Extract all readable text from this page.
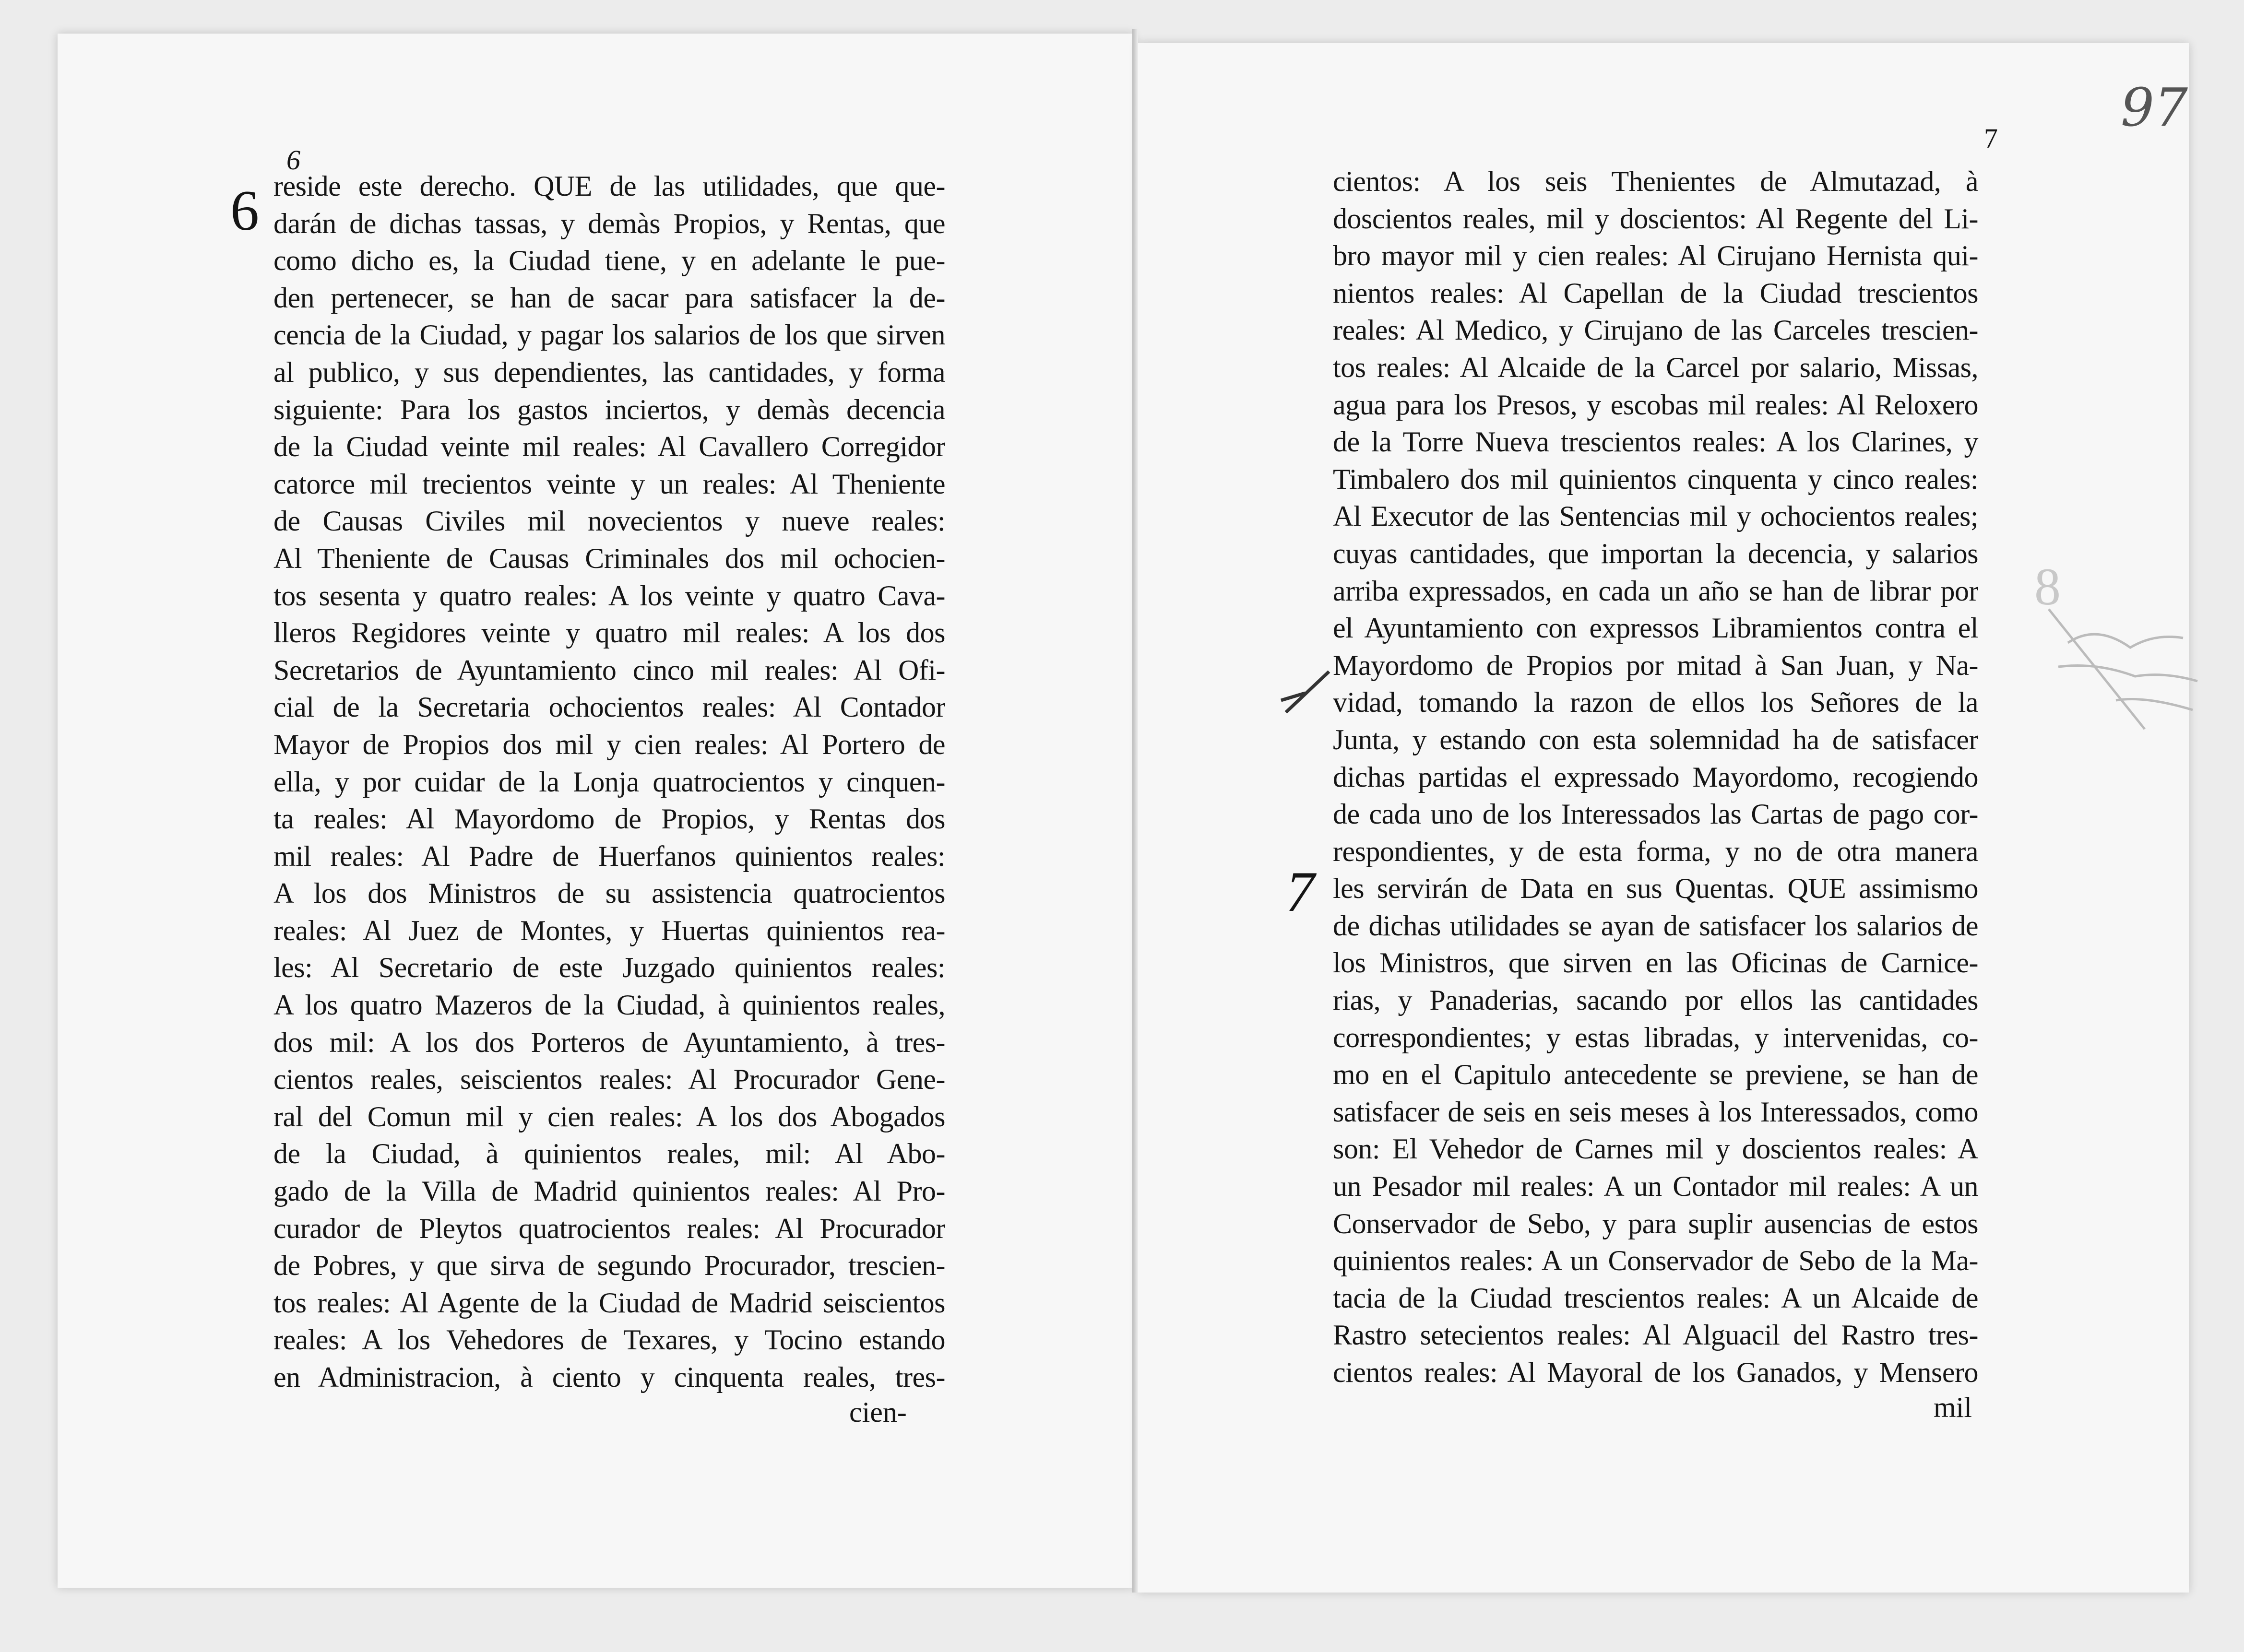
6
6 reside este derecho. QUE de las utilidades, que que-
darán de dichas tassas, y demàs Propios, y Rentas, que
como dicho es, la Ciudad tiene, y en adelante le pue-
den pertenecer, se han de sacar para satisfacer la de-
cencia de la Ciudad, y pagar los salarios de los que sirven
al publico, y sus dependientes, las cantidades, y forma
siguiente: Para los gastos inciertos, y demàs decencia
de la Ciudad veinte mil reales: Al Cavallero Corregidor
catorce mil trecientos veinte y un reales: Al Theniente
de Causas Civiles mil novecientos y nueve reales:
Al Theniente de Causas Criminales dos mil ochocien-
tos sesenta y quatro reales: A los veinte y quatro Cava-
lleros Regidores veinte y quatro mil reales: A los dos
Secretarios de Ayuntamiento cinco mil reales: Al Ofi-
cial de la Secretaria ochocientos reales: Al Contador
Mayor de Propios dos mil y cien reales: Al Portero de
ella, y por cuidar de la Lonja quatrocientos y cinquen-
ta reales: Al Mayordomo de Propios, y Rentas dos
mil reales: Al Padre de Huerfanos quinientos reales:
A los dos Ministros de su assistencia quatrocientos
reales: Al Juez de Montes, y Huertas quinientos rea-
les: Al Secretario de este Juzgado quinientos reales:
A los quatro Mazeros de la Ciudad, à quinientos reales,
dos mil: A los dos Porteros de Ayuntamiento, à tres-
cientos reales, seiscientos reales: Al Procurador Gene-
ral del Comun mil y cien reales: A los dos Abogados
de la Ciudad, à quinientos reales, mil: Al Abo-
gado de la Villa de Madrid quinientos reales: Al Pro-
curador de Pleytos quatrocientos reales: Al Procurador
de Pobres, y que sirva de segundo Procurador, trescien-
tos reales: Al Agente de la Ciudad de Madrid seiscientos
reales: A los Vehedores de Texares, y Tocino estando
en Administracion, à ciento y cinquenta reales, tres-
cien-
7
97
8
7
cientos: A los seis Thenientes de Almutazad, à
doscientos reales, mil y doscientos: Al Regente del Li-
bro mayor mil y cien reales: Al Cirujano Hernista qui-
nientos reales: Al Capellan de la Ciudad trescientos
reales: Al Medico, y Cirujano de las Carceles trescien-
tos reales: Al Alcaide de la Carcel por salario, Missas,
agua para los Presos, y escobas mil reales: Al Reloxero
de la Torre Nueva trescientos reales: A los Clarines, y
Timbalero dos mil quinientos cinquenta y cinco reales:
Al Executor de las Sentencias mil y ochocientos reales;
cuyas cantidades, que importan la decencia, y salarios
arriba expressados, en cada un año se han de librar por
el Ayuntamiento con expressos Libramientos contra el
Mayordomo de Propios por mitad à San Juan, y Na-
vidad, tomando la razon de ellos los Señores de la
Junta, y estando con esta solemnidad ha de satisfacer
dichas partidas el expressado Mayordomo, recogiendo
de cada uno de los Interessados las Cartas de pago cor-
respondientes, y de esta forma, y no de otra manera
les servirán de Data en sus Quentas. QUE assimismo
de dichas utilidades se ayan de satisfacer los salarios de
los Ministros, que sirven en las Oficinas de Carnice-
rias, y Panaderias, sacando por ellos las cantidades
correspondientes; y estas libradas, y intervenidas, co-
mo en el Capitulo antecedente se previene, se han de
satisfacer de seis en seis meses à los Interessados, como
son: El Vehedor de Carnes mil y doscientos reales: A
un Pesador mil reales: A un Contador mil reales: A un
Conservador de Sebo, y para suplir ausencias de estos
quinientos reales: A un Conservador de Sebo de la Ma-
tacia de la Ciudad trescientos reales: A un Alcaide de
Rastro setecientos reales: Al Alguacil del Rastro tres-
cientos reales: Al Mayoral de los Ganados, y Mensero
mil
